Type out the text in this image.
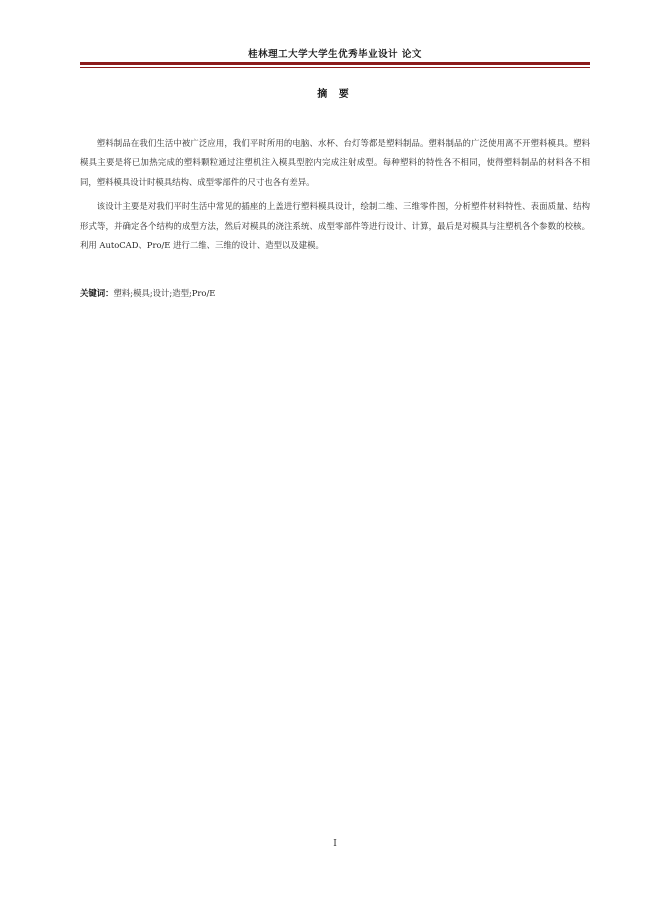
桂林理工大学大学生优秀毕业设计 论文
摘 要

塑料制品在我们生活中被广泛应用，我们平时所用的电脑、水杯、台灯等都是塑料制品。塑料制品的广泛使用离不开塑料模具。塑料模具主要是将已加热完成的塑料颗粒通过注塑机注入模具型腔内完成注射成型。每种塑料的特性各不相同，使得塑料制品的材料各不相同，塑料模具设计时模具结构、成型零部件的尺寸也各有差异。

该设计主要是对我们平时生活中常见的插座的上盖进行塑料模具设计，绘制二维、三维零件图，分析塑件材料特性、表面质量、结构形式等，并确定各个结构的成型方法，然后对模具的浇注系统、成型零部件等进行设计、计算，最后是对模具与注塑机各个参数的校核。利用 AutoCAD、Pro/E 进行二维、三维的设计、造型以及建模。

关键词：塑料;模具;设计;造型;Pro/E
I
